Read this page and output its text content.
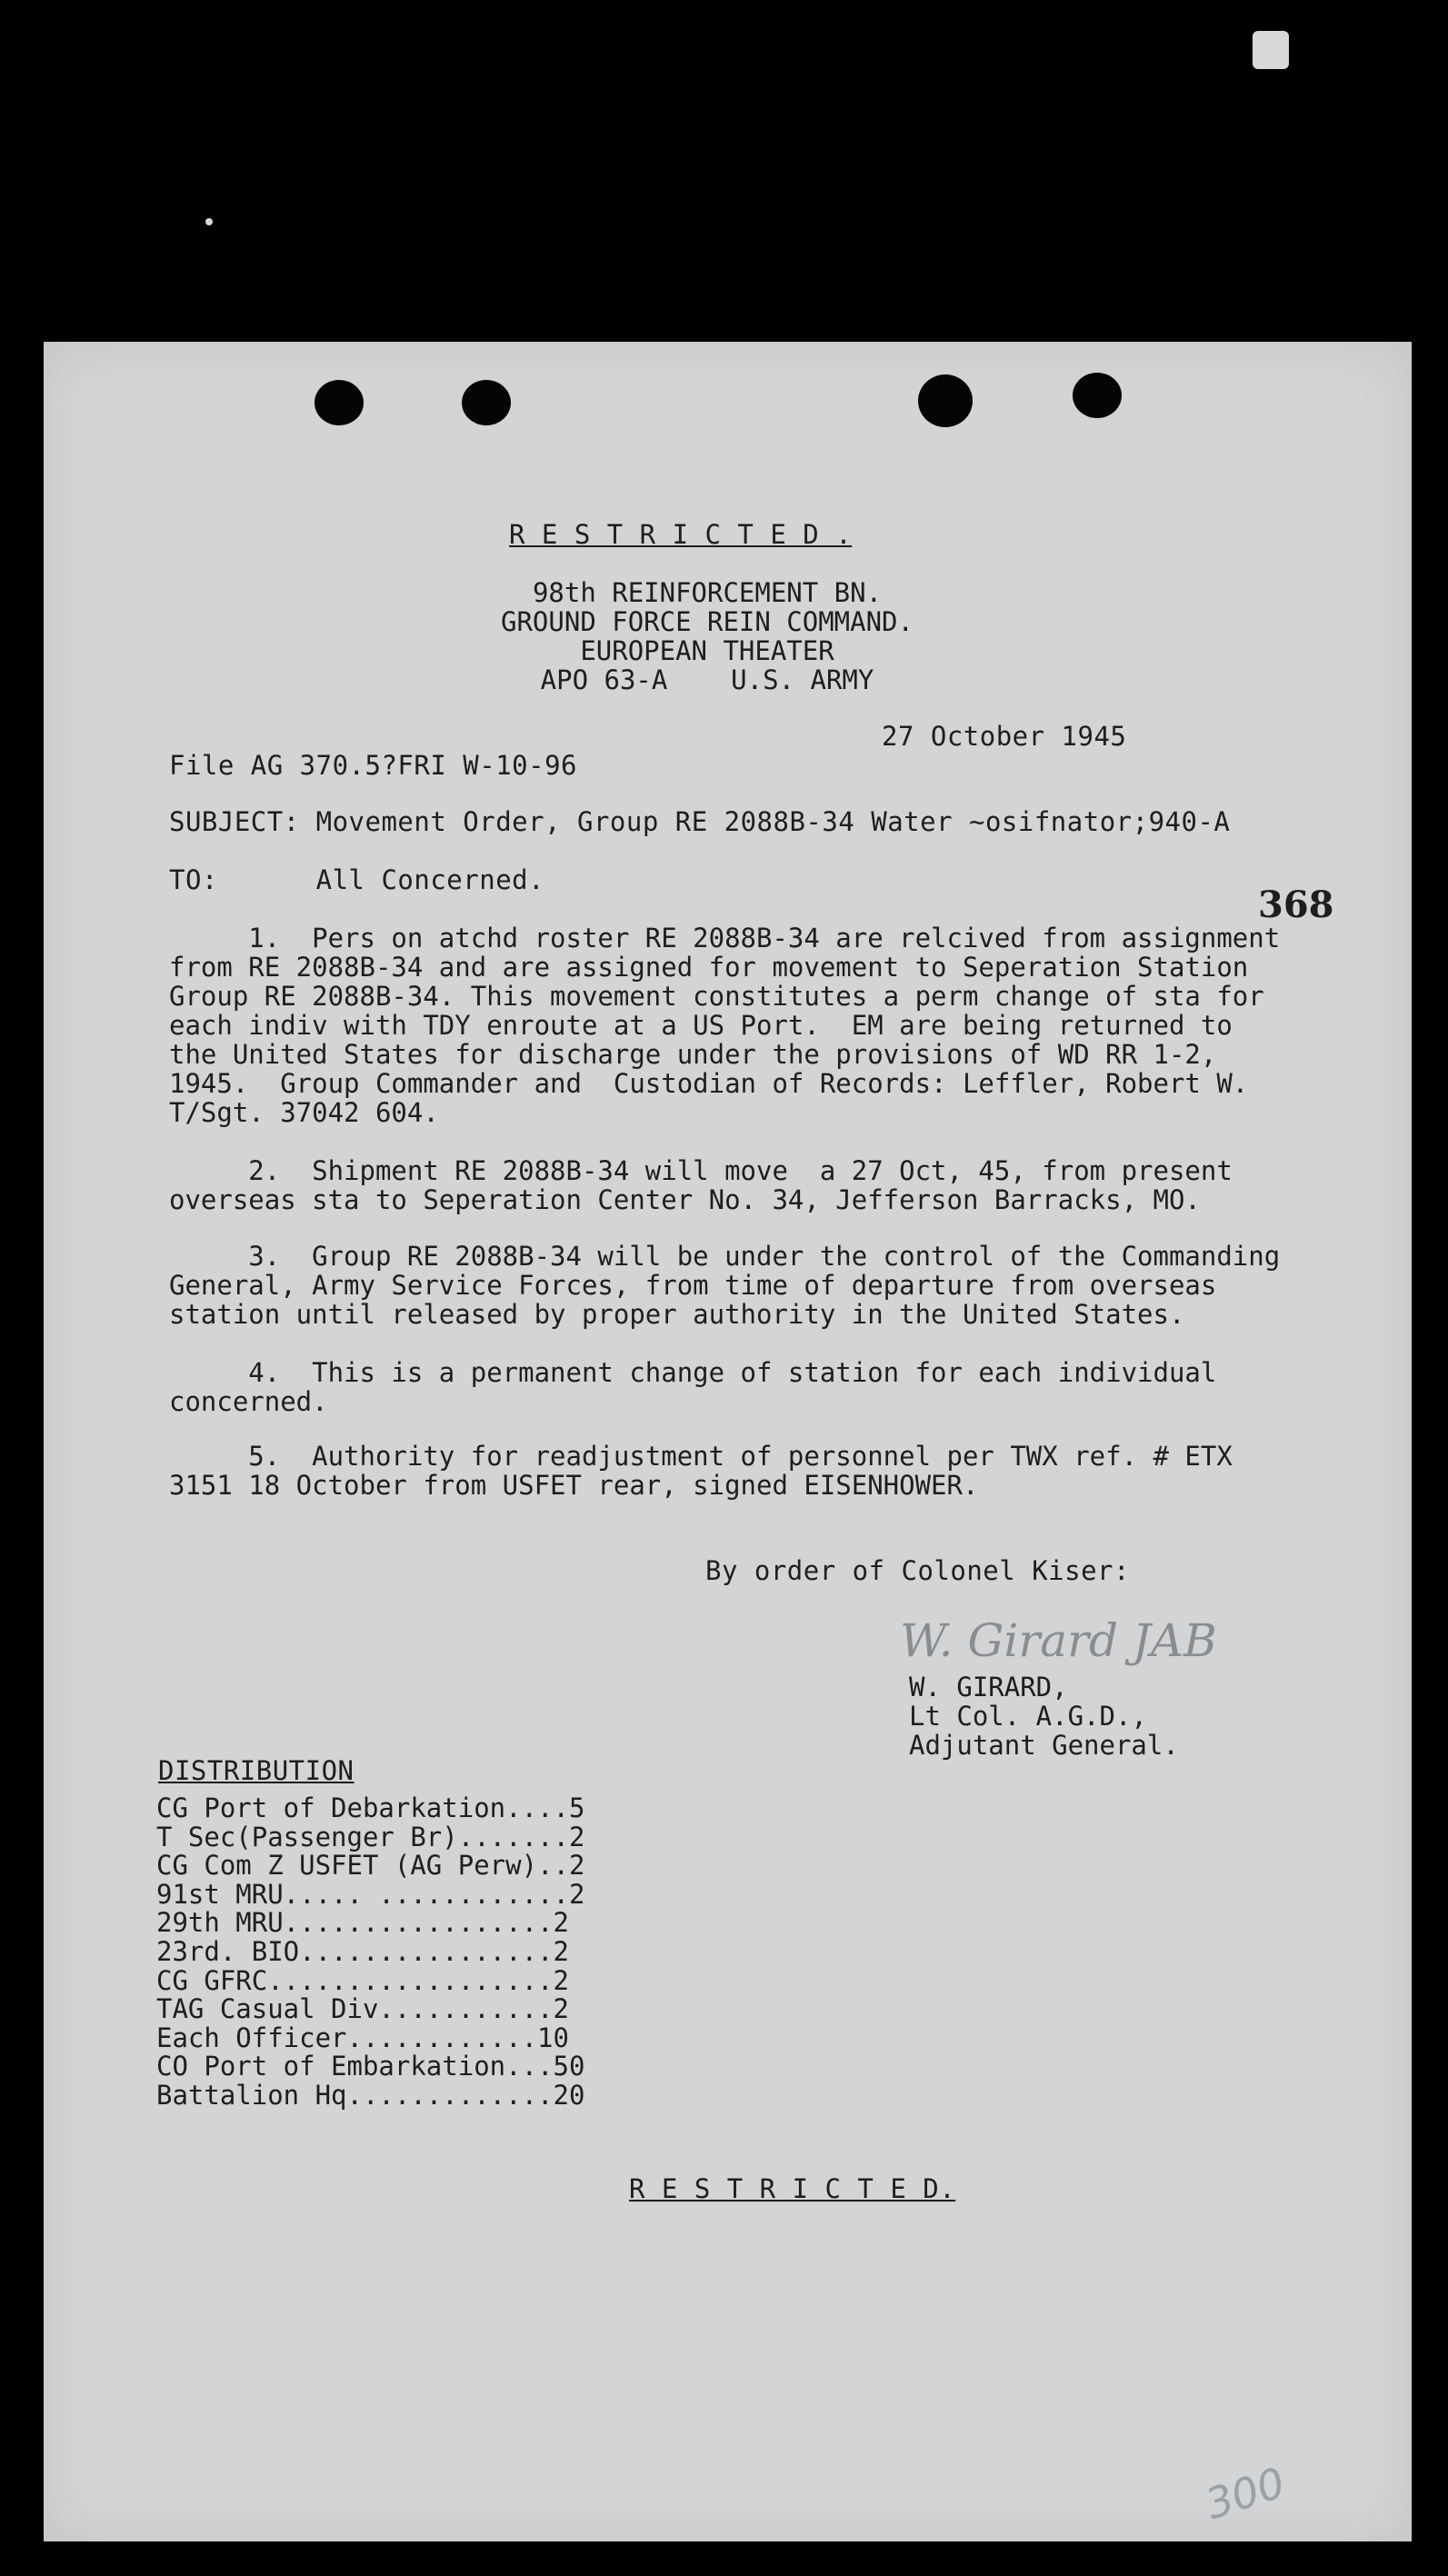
R E S T R I C T E D .
98th REINFORCEMENT BN.
GROUND FORCE REIN COMMAND.
EUROPEAN THEATER
APO 63-A    U.S. ARMY
27 October 1945
File AG 370.5?FRI W-10-96
SUBJECT: Movement Order, Group RE 2088B-34 Water ~osifnator;940-A
TO:      All Concerned.
368
1.  Pers on atchd roster RE 2088B-34 are relcived from assignment
from RE 2088B-34 and are assigned for movement to Seperation Station
Group RE 2088B-34. This movement constitutes a perm change of sta for
each indiv with TDY enroute at a US Port.  EM are being returned to
the United States for discharge under the provisions of WD RR 1-2,
1945.  Group Commander and  Custodian of Records: Leffler, Robert W.
T/Sgt. 37042 604.
2.  Shipment RE 2088B-34 will move  a 27 Oct, 45, from present
overseas sta to Seperation Center No. 34, Jefferson Barracks, MO.
3.  Group RE 2088B-34 will be under the control of the Commanding
General, Army Service Forces, from time of departure from overseas
station until released by proper authority in the United States.
4.  This is a permanent change of station for each individual
concerned.
5.  Authority for readjustment of personnel per TWX ref. # ETX
3151 18 October from USFET rear, signed EISENHOWER.
By order of Colonel Kiser:
W. Girard JAB
W. GIRARD,
Lt Col. A.G.D.,
Adjutant General.
DISTRIBUTION
CG Port of Debarkation....5
T Sec(Passenger Br).......2
CG Com Z USFET (AG Perw)..2
91st MRU..... ............2
29th MRU.................2
23rd. BIO................2
CG GFRC..................2
TAG Casual Div...........2
Each Officer............10
CO Port of Embarkation...50
Battalion Hq.............20
R E S T R I C T E D.
300
